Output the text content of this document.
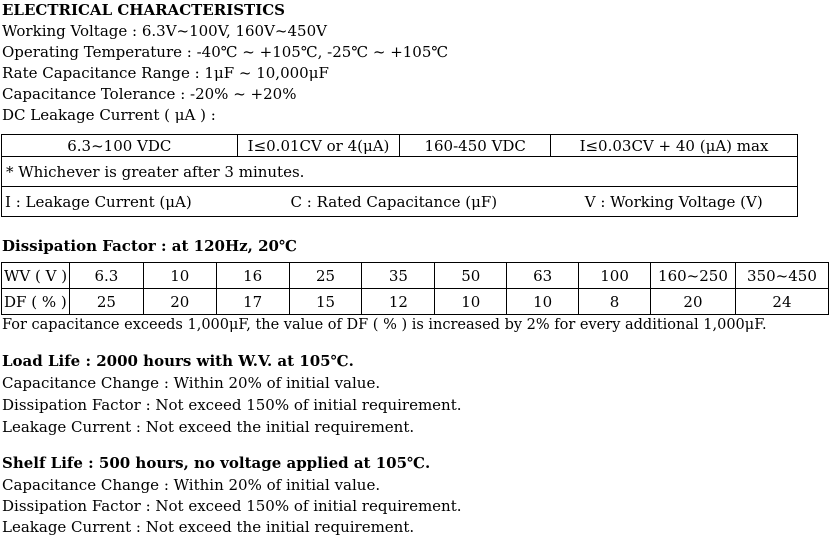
ELECTRICAL CHARACTERISTICS
Working Voltage : 6.3V~100V, 160V~450V
Operating Temperature : -40℃ ~ +105℃, -25℃ ~ +105℃
Rate Capacitance Range : 1μF ~ 10,000μF
Capacitance Tolerance : -20% ~ +20%
DC Leakage Current ( μA ) :
6.3~100 VDC	I≤0.01CV or 4(μA)	160-450 VDC	I≤0.03CV + 40 (μA) max
* Whichever is greater after 3 minutes.			
I : Leakage Current (μA)	C : Rated Capacitance (μF)		V : Working Voltage (V)
Dissipation Factor : at 120Hz, 20℃
WV ( V )	6.3	10	16	25	35	50	63	100	160~250	350~450
DF ( % )	25	20	17	15	12	10	10	8	20	24
For capacitance exceeds 1,000μF, the value of DF ( % ) is increased by 2% for every additional 1,000μF.
Load Life : 2000 hours with W.V. at 105℃.
Capacitance Change : Within 20% of initial value.
Dissipation Factor : Not exceed 150% of initial requirement.
Leakage Current : Not exceed the initial requirement.
Shelf Life : 500 hours, no voltage applied at 105℃.
Capacitance Change : Within 20% of initial value.
Dissipation Factor : Not exceed 150% of initial requirement.
Leakage Current : Not exceed the initial requirement.
